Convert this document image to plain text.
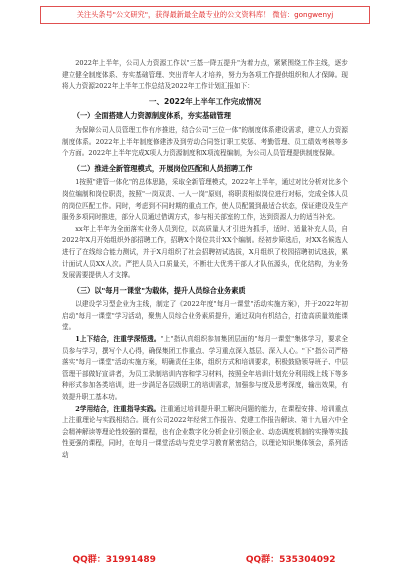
关注头条号"公文研究"，获得最新最全最专业的公文资料库！ 微信：gongwenyj

2022年上半年，公司人力资源工作以"三基一降五提升"为着力点，紧紧围绕工作主线，逐步建立健全制度体系、夯实基础管理、突出青年人才培养，努力为各项工作提供组织和人才保障。现将人力资源2022年上半年工作总结及2022年工作计划汇报如下：

一、2022年上半年工作完成情况
（一）全面搭建人力资源制度体系，夯实基础管理

为保障公司人员管理工作有序推进，结合公司"三位一体"的制度体系建设需求，建立人力资源制度体系。2022年上半年制度修建涉及到劳动合同签订职工奖惩、考勤管理、员工绩效考核等多个方面。2022年上半年完成X项人力资源制度和X项流程编制，为公司人员管理提供制度保障。

（二）推进全新管理模式，开展岗位匹配和人员招聘工作

1按照"建管一体化"的总体思路，采取全新管理模式，2022年上半年，通过对比分析对比多个岗位编制和岗位职责，按照"一岗双责、一人一岗"原则，将职责相似岗位进行对标，完成全体人员的岗位匹配工作。同时，考虑到不同时期的重点工作，使人员配置到最适合状态，保证建设及生产服务多项同时推进，部分人员通过借调方式，参与相关部室的工作，达到资源人力的适当补充。

xx年上半年为全面落实业务人员到位，以高质量人才引进为抓手，适时、适量补充人员，自2022年X月开始组织外部招聘工作，招聘X个岗位共计XX个编制。经初步筛选后，对XX名候选人进行了在线综合能力测试，并于X月组织了社会招聘初试选拔，X月组织了校园招聘初试选拔，累计面试人员XX人次。严把人员入口质量关，不断壮大优秀干部人才队伍源头，优化结构，为业务发展需要提供人才支撑。

（三）以"每月一课堂"为载体，提升人员综合业务素质

以建设学习型企业为主线，制定了《2022年度"每月一课堂"活动实施方案》，并于2022年初启动"每月一课堂"学习活动，聚焦人员综合业务素质提升，通过双向有机结合，打造高质量效能课堂。

1上下结合，注重学深悟透。"上"指认真组织参加集团层面的"每月一课堂"集体学习，要求全员参与学习，撰写个人心得，确保集团工作重点、学习重点深入基层、深入人心。"下"指公司严格落实"每月一课堂"活动实施方案，明确责任主体，组织方式和培训要求，积极鼓励领导班子、中层管理干部做好宣讲者，为员工录制培训内容和学习材料，按照全年培训计划充分利用线上线下等多种形式参加各类培训，进一步满足各层级职工的培训需求，加强参与度及思考深度，输出效果，有效提升职工基本功。

2学用结合，注重指导实践。注重通过培训提升职工解决问题的能力，在课程安排、培训重点上注重理论与实践相结合。既有公司2022年经营工作报告、党建工作报告解读、第十九届六中全会精神解读等理论性较强的课程，也有企业数字化分析企业引领企业、动态调度机制的实操等实践性更强的课程，同时，在每月一课堂活动与党史学习教育紧密结合，以理论知识集体领会，系列活动

QQ群：31991489	QQ群：535304092
